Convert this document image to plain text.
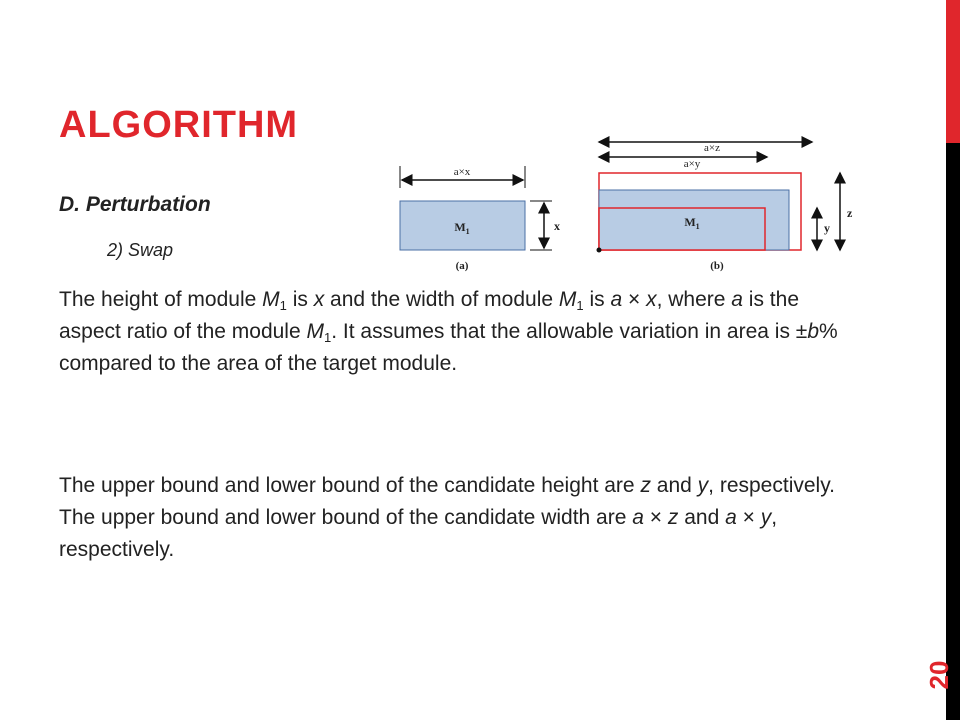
ALGORITHM
D. Perturbation
2) Swap
a×x
$M_1$	x
(a)
a×z
a×y
$M_1$	y
z
(b)

The height of module $M_1$ is x and the width of module $M_1$ is a × x, where a is the aspect ratio of the module $M_1$. It assumes that the allowable variation in area is ±b% compared to the area of the target module.

The upper bound and lower bound of the candidate height are z and y, respectively. The upper bound and lower bound of the candidate width are a × z and a × y, respectively.

20
